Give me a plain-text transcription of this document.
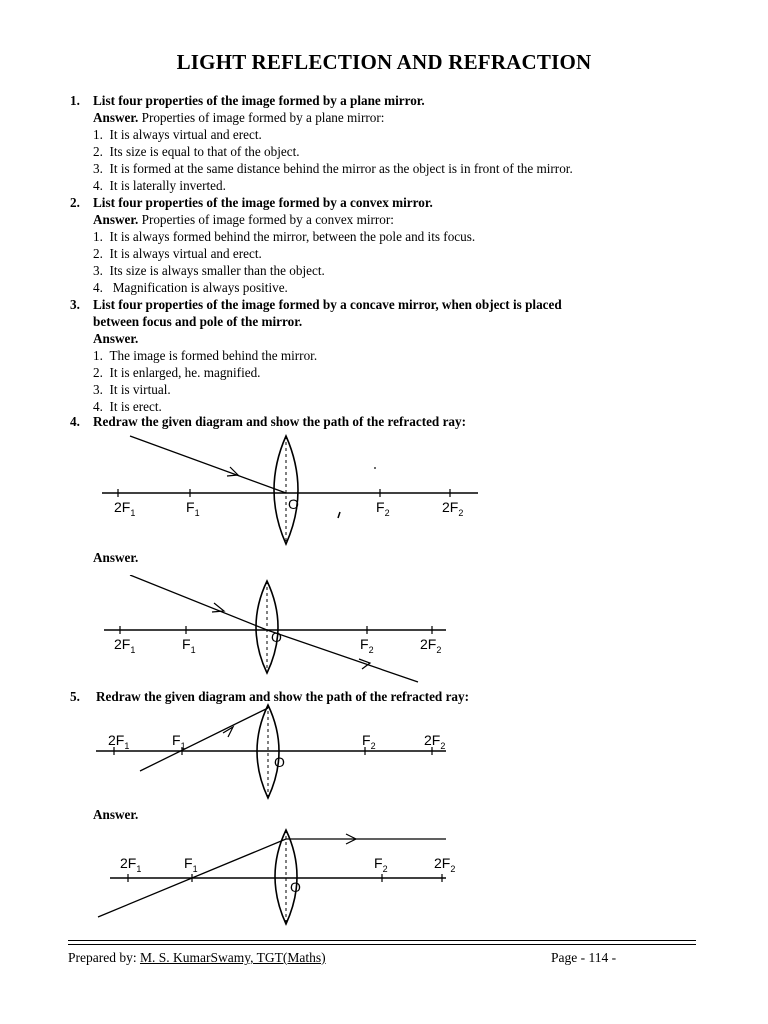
LIGHT REFLECTION AND REFRACTION
1. List four properties of the image formed by a plane mirror.
Answer. Properties of image formed by a plane mirror:
1. It is always virtual and erect.
2. Its size is equal to that of the object.
3. It is formed at the same distance behind the mirror as the object is in front of the mirror.
4. It is laterally inverted.
2. List four properties of the image formed by a convex mirror.
Answer. Properties of image formed by a convex mirror:
1. It is always formed behind the mirror, between the pole and its focus.
2. It is always virtual and erect.
3. Its size is always smaller than the object.
4. Magnification is always positive.
3. List four properties of the image formed by a concave mirror, when object is placed
between focus and pole of the mirror.
Answer.
1. The image is formed behind the mirror.
2. It is enlarged, he. magnified.
3. It is virtual.
4. It is erect.
4. Redraw the given diagram and show the path of the refracted ray:
$2F_1$	$F_1$
O	$F_2$	$2F_2$
Answer.
$2F_1$	$F_1$
O	$F_2$	$2F_2$
5. Redraw the given diagram and show the path of the refracted ray:
$2F_1$	$F_1$
O
$F_2$	$2F_2$
Answer.
$2F_1$	$F_1$
O
$F_2$	$2F_2$
Prepared by: M. S. KumarSwamy, TGT(Maths)	Page - 114 -
